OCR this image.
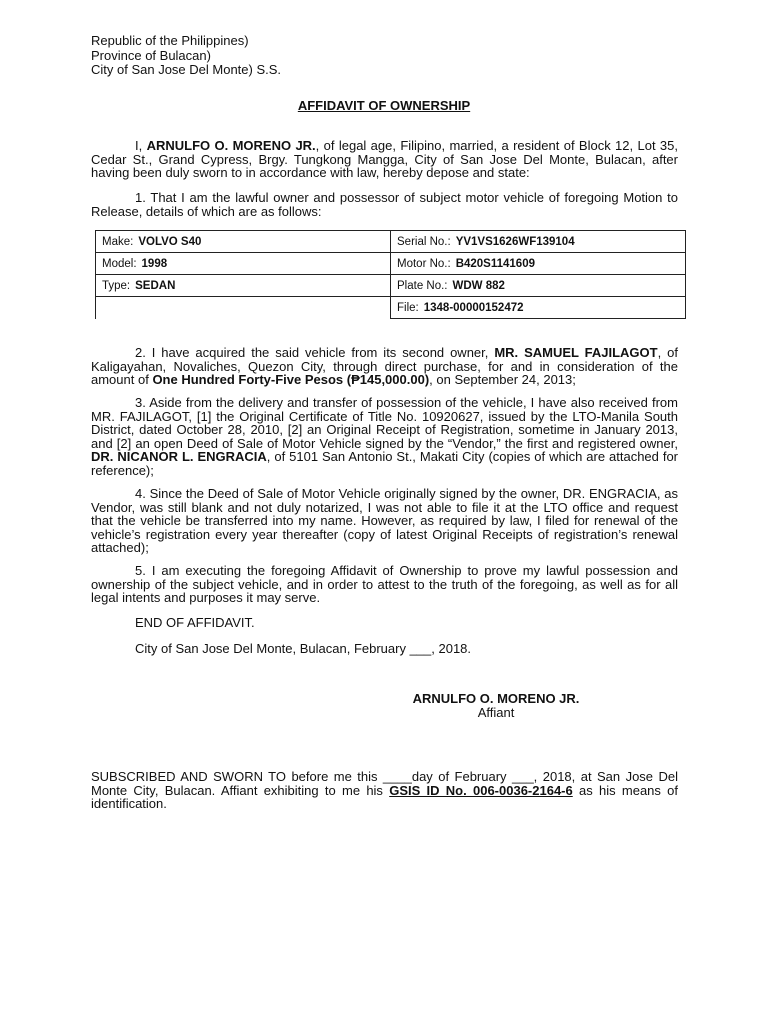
Republic of the Philippines)
Province of Bulacan)
City of San Jose Del Monte) S.S.
AFFIDAVIT OF OWNERSHIP
I, ARNULFO O. MORENO JR., of legal age, Filipino, married, a resident of Block 12, Lot 35, Cedar St., Grand Cypress, Brgy. Tungkong Mangga, City of San Jose Del Monte, Bulacan, after having been duly sworn to in accordance with law, hereby depose and state:
1. That I am the lawful owner and possessor of subject motor vehicle of foregoing Motion to Release, details of which are as follows:
Make: VOLVO S40	Serial No.: YV1VS1626WF139104
Model: 1998	Motor No.: B420S1141609
Type: SEDAN	Plate No.: WDW 882
	File: 1348-00000152472
2. I have acquired the said vehicle from its second owner, MR. SAMUEL FAJILAGOT, of Kaligayahan, Novaliches, Quezon City, through direct purchase, for and in consideration of the amount of One Hundred Forty-Five Pesos (₱145,000.00), on September 24, 2013;
3. Aside from the delivery and transfer of possession of the vehicle, I have also received from MR. FAJILAGOT, [1] the Original Certificate of Title No. 10920627, issued by the LTO-Manila South District, dated October 28, 2010, [2] an Original Receipt of Registration, sometime in January 2013, and [2] an open Deed of Sale of Motor Vehicle signed by the “Vendor,” the first and registered owner, DR. NICANOR L. ENGRACIA, of 5101 San Antonio St., Makati City (copies of which are attached for reference);
4. Since the Deed of Sale of Motor Vehicle originally signed by the owner, DR. ENGRACIA, as Vendor, was still blank and not duly notarized, I was not able to file it at the LTO office and request that the vehicle be transferred into my name. However, as required by law, I filed for renewal of the vehicle’s registration every year thereafter (copy of latest Original Receipts of registration’s renewal attached);
5. I am executing the foregoing Affidavit of Ownership to prove my lawful possession and ownership of the subject vehicle, and in order to attest to the truth of the foregoing, as well as for all legal intents and purposes it may serve.
END OF AFFIDAVIT.
City of San Jose Del Monte, Bulacan, February ___, 2018.
ARNULFO O. MORENO JR.
Affiant
SUBSCRIBED AND SWORN TO before me this ____day of February ___, 2018, at San Jose Del Monte City, Bulacan. Affiant exhibiting to me his GSIS ID No. 006-0036-2164-6 as his means of identification.
